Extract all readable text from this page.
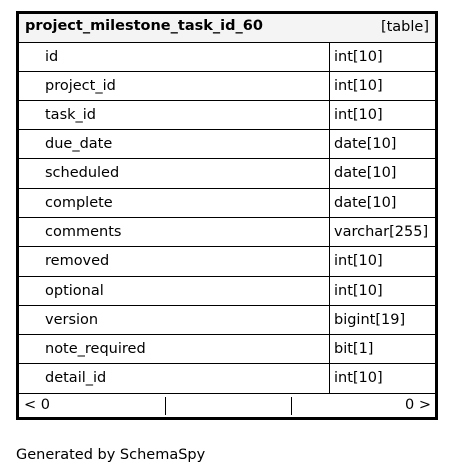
project_milestone_task_id_60	[table]
id	int[10]
project_id	int[10]
task_id	int[10]
due_date	date[10]
scheduled	date[10]
complete	date[10]
comments	varchar[255]
removed	int[10]
optional	int[10]
version	bigint[19]
note_required	bit[1]
detail_id	int[10]
< 0	0 >
Generated by SchemaSpy
